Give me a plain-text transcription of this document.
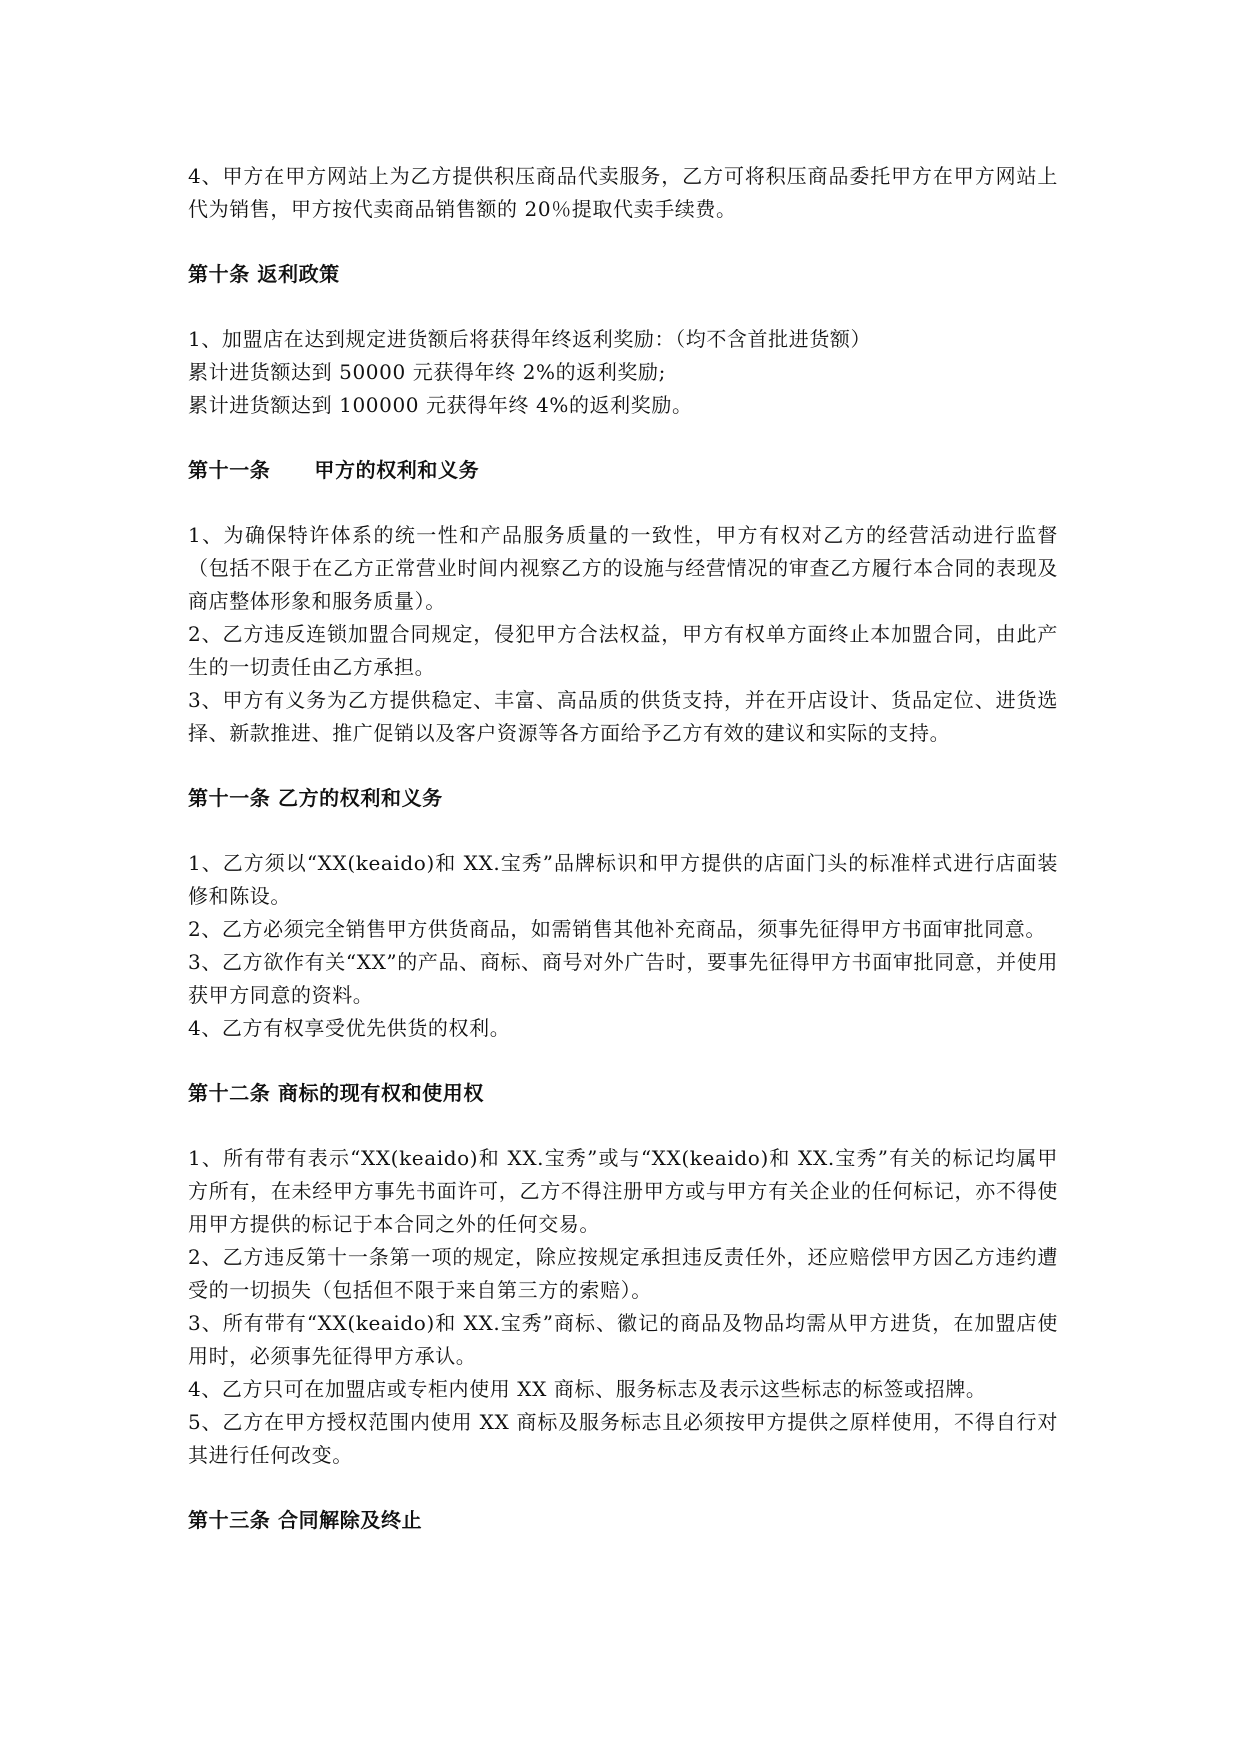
4、甲方在甲方网站上为乙方提供积压商品代卖服务，乙方可将积压商品委托甲方在甲方网站上代为销售，甲方按代卖商品销售额的 20％提取代卖手续费。

第十条 返利政策

1、加盟店在达到规定进货额后将获得年终返利奖励：（均不含首批进货额）

累计进货额达到 50000 元获得年终 2%的返利奖励;

累计进货额达到 100000 元获得年终 4%的返利奖励。

第十一条 甲方的权利和义务

1、为确保特许体系的统一性和产品服务质量的一致性，甲方有权对乙方的经营活动进行监督（包括不限于在乙方正常营业时间内视察乙方的设施与经营情况的审查乙方履行本合同的表现及商店整体形象和服务质量）。

2、乙方违反连锁加盟合同规定，侵犯甲方合法权益，甲方有权单方面终止本加盟合同，由此产生的一切责任由乙方承担。

3、甲方有义务为乙方提供稳定、丰富、高品质的供货支持，并在开店设计、货品定位、进货选择、新款推进、推广促销以及客户资源等各方面给予乙方有效的建议和实际的支持。

第十一条 乙方的权利和义务

1、乙方须以“XX(keaido)和 XX.宝秀”品牌标识和甲方提供的店面门头的标准样式进行店面装修和陈设。

2、乙方必须完全销售甲方供货商品，如需销售其他补充商品，须事先征得甲方书面审批同意。

3、乙方欲作有关“XX”的产品、商标、商号对外广告时，要事先征得甲方书面审批同意，并使用获甲方同意的资料。

4、乙方有权享受优先供货的权利。

第十二条 商标的现有权和使用权

1、所有带有表示“XX(keaido)和 XX.宝秀”或与“XX(keaido)和 XX.宝秀”有关的标记均属甲方所有，在未经甲方事先书面许可，乙方不得注册甲方或与甲方有关企业的任何标记，亦不得使用甲方提供的标记于本合同之外的任何交易。

2、乙方违反第十一条第一项的规定，除应按规定承担违反责任外，还应赔偿甲方因乙方违约遭受的一切损失（包括但不限于来自第三方的索赔）。

3、所有带有“XX(keaido)和 XX.宝秀”商标、徽记的商品及物品均需从甲方进货，在加盟店使用时，必须事先征得甲方承认。

4、乙方只可在加盟店或专柜内使用 XX 商标、服务标志及表示这些标志的标签或招牌。

5、乙方在甲方授权范围内使用 XX 商标及服务标志且必须按甲方提供之原样使用，不得自行对其进行任何改变。

第十三条 合同解除及终止
